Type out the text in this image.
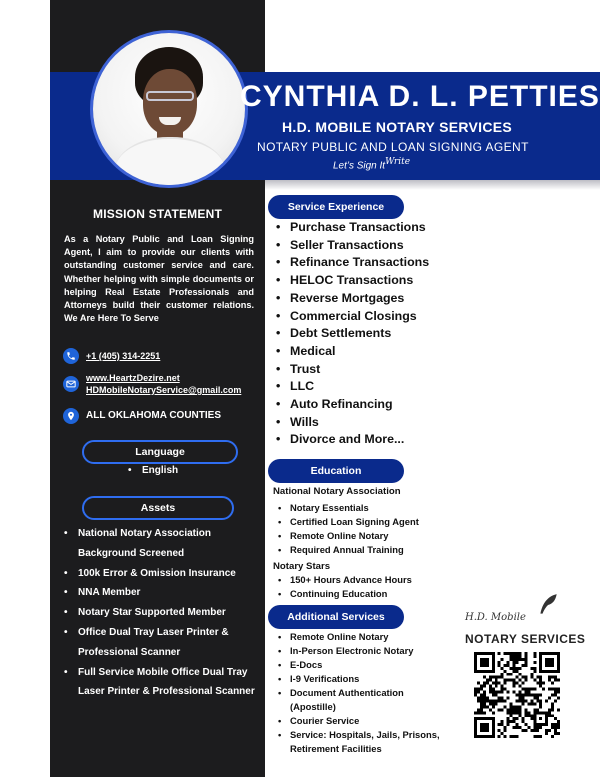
CYNTHIA D. L. PETTIES
H.D. MOBILE NOTARY SERVICES
NOTARY PUBLIC AND LOAN SIGNING AGENT
Let’s Sign $It^{Write}$
MISSION STATEMENT
As a Notary Public and Loan Signing Agent, I aim to provide our clients with outstanding customer service and care. Whether helping with simple documents or helping Real Estate Professionals and Attorneys build their customer relations. We Are Here To Serve
+1 (405) 314-2251
www.HeartzDezire.net
HDMobileNotaryService@gmail.com
ALL OKLAHOMA COUNTIES
Language
• English
Assets
• National Notary Association Background Screened
• 100k Error & Omission Insurance
• NNA Member
• Notary Star Supported Member
• Office Dual Tray Laser Printer & Professional Scanner
• Full Service Mobile Office Dual Tray Laser Printer & Professional Scanner
Service Experience
• Purchase Transactions
• Seller Transactions
• Refinance Transactions
• HELOC Transactions
• Reverse Mortgages
• Commercial Closings
• Debt Settlements
• Medical
• Trust
• LLC
• Auto Refinancing
• Wills
• Divorce and More...
Education
National Notary Association
• Notary Essentials
• Certified Loan Signing Agent
• Remote Online Notary
• Required Annual Training
Notary Stars
• 150+ Hours Advance Hours
• Continuing Education
Additional Services
• Remote Online Notary
• In-Person Electronic Notary
• E-Docs
• I-9 Verifications
• Document Authentication (Apostille)
• Courier Service
• Service: Hospitals, Jails, Prisons, Retirement Facilities
H.D. Mobile
NOTARY SERVICES
